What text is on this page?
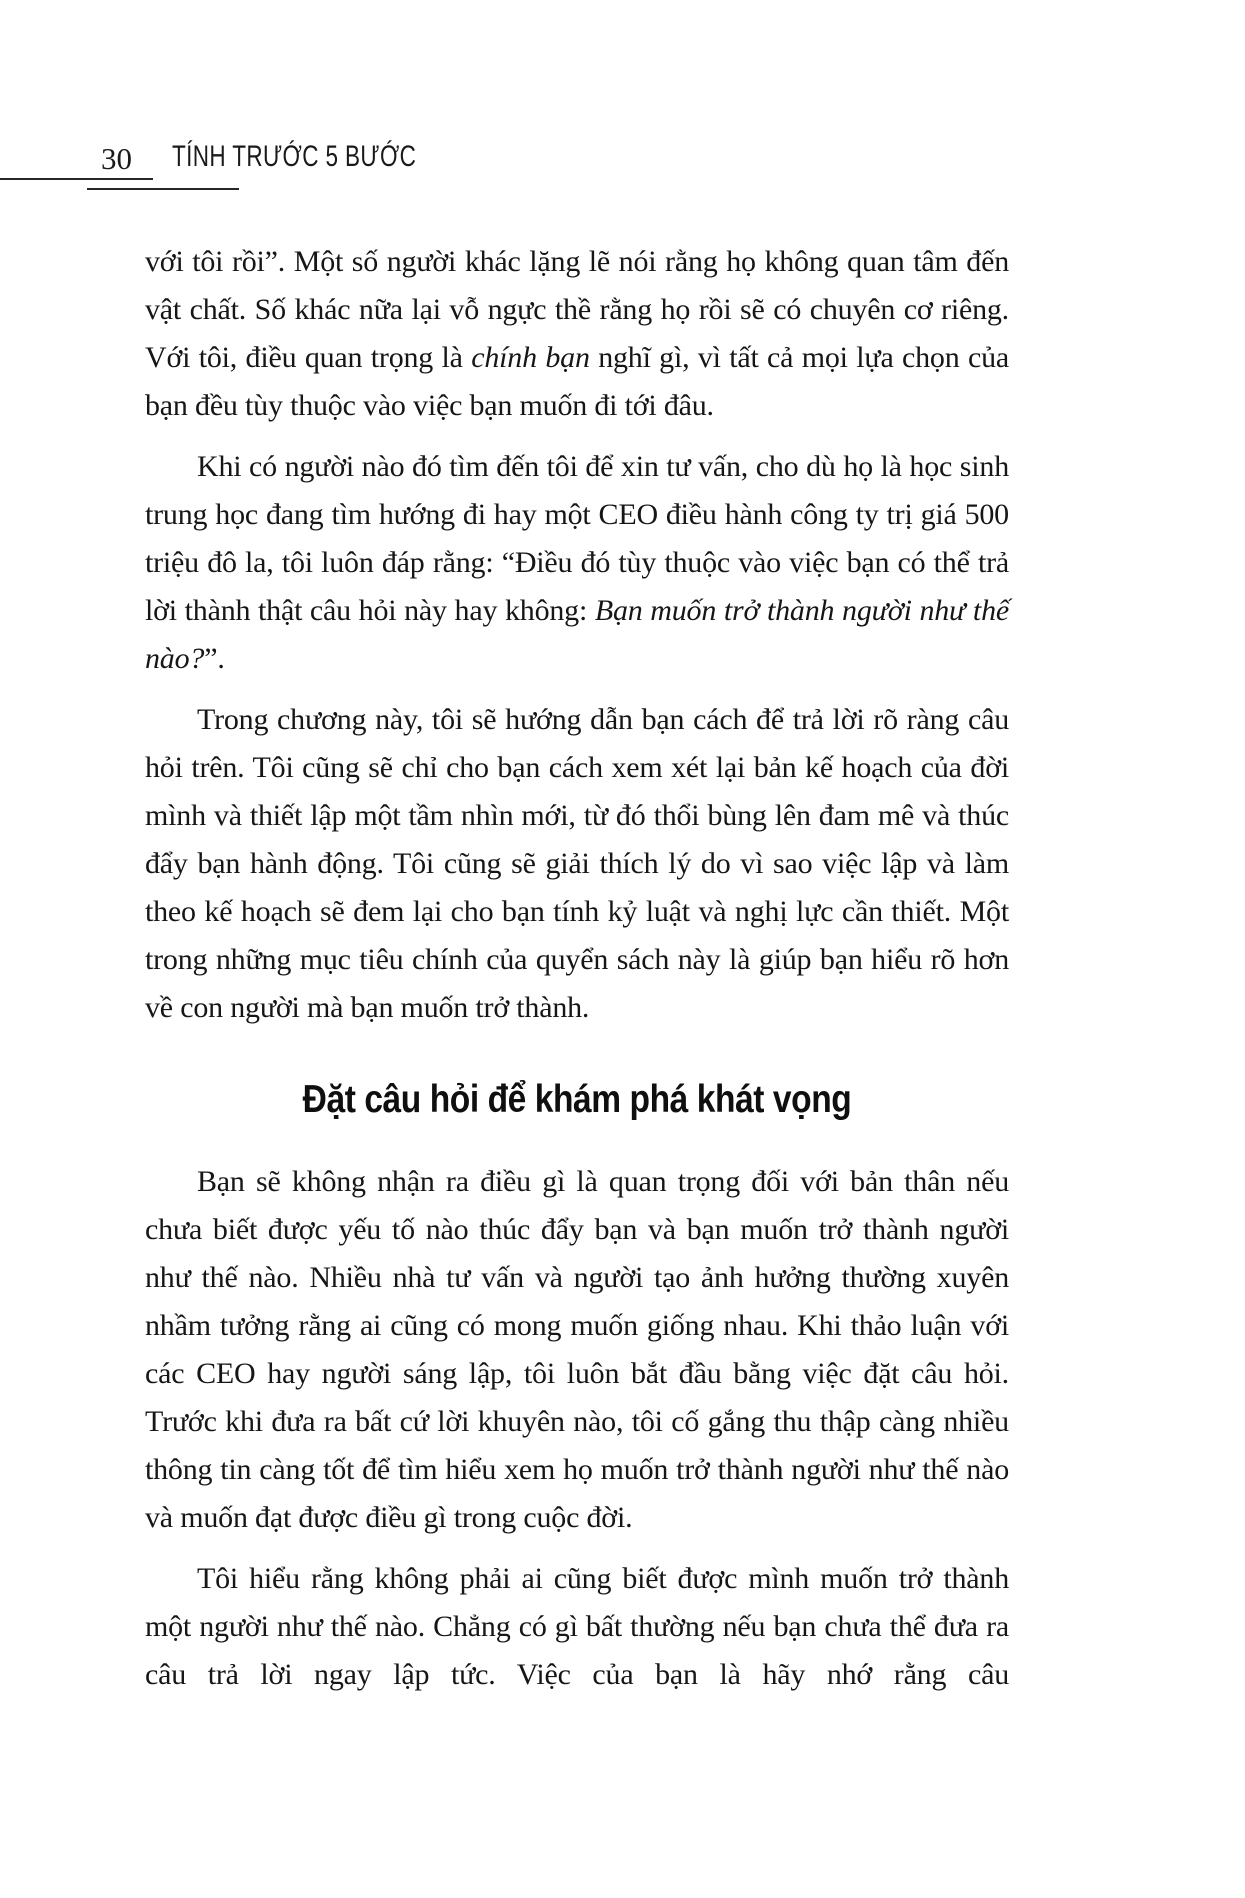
30 TÍNH TRƯỚC 5 BƯỚC

với tôi rồi”. Một số người khác lặng lẽ nói rằng họ không quan tâm đến vật chất. Số khác nữa lại vỗ ngực thề rằng họ rồi sẽ có chuyên cơ riêng. Với tôi, điều quan trọng là chính bạn nghĩ gì, vì tất cả mọi lựa chọn của bạn đều tùy thuộc vào việc bạn muốn đi tới đâu.

Khi có người nào đó tìm đến tôi để xin tư vấn, cho dù họ là học sinh trung học đang tìm hướng đi hay một CEO điều hành công ty trị giá 500 triệu đô la, tôi luôn đáp rằng: “Điều đó tùy thuộc vào việc bạn có thể trả lời thành thật câu hỏi này hay không: Bạn muốn trở thành người như thế nào?”.

Trong chương này, tôi sẽ hướng dẫn bạn cách để trả lời rõ ràng câu hỏi trên. Tôi cũng sẽ chỉ cho bạn cách xem xét lại bản kế hoạch của đời mình và thiết lập một tầm nhìn mới, từ đó thổi bùng lên đam mê và thúc đẩy bạn hành động. Tôi cũng sẽ giải thích lý do vì sao việc lập và làm theo kế hoạch sẽ đem lại cho bạn tính kỷ luật và nghị lực cần thiết. Một trong những mục tiêu chính của quyển sách này là giúp bạn hiểu rõ hơn về con người mà bạn muốn trở thành.

Đặt câu hỏi để khám phá khát vọng

Bạn sẽ không nhận ra điều gì là quan trọng đối với bản thân nếu chưa biết được yếu tố nào thúc đẩy bạn và bạn muốn trở thành người như thế nào. Nhiều nhà tư vấn và người tạo ảnh hưởng thường xuyên nhầm tưởng rằng ai cũng có mong muốn giống nhau. Khi thảo luận với các CEO hay người sáng lập, tôi luôn bắt đầu bằng việc đặt câu hỏi. Trước khi đưa ra bất cứ lời khuyên nào, tôi cố gắng thu thập càng nhiều thông tin càng tốt để tìm hiểu xem họ muốn trở thành người như thế nào và muốn đạt được điều gì trong cuộc đời.

Tôi hiểu rằng không phải ai cũng biết được mình muốn trở thành một người như thế nào. Chẳng có gì bất thường nếu bạn chưa thể đưa ra câu trả lời ngay lập tức. Việc của bạn là hãy nhớ rằng câu
